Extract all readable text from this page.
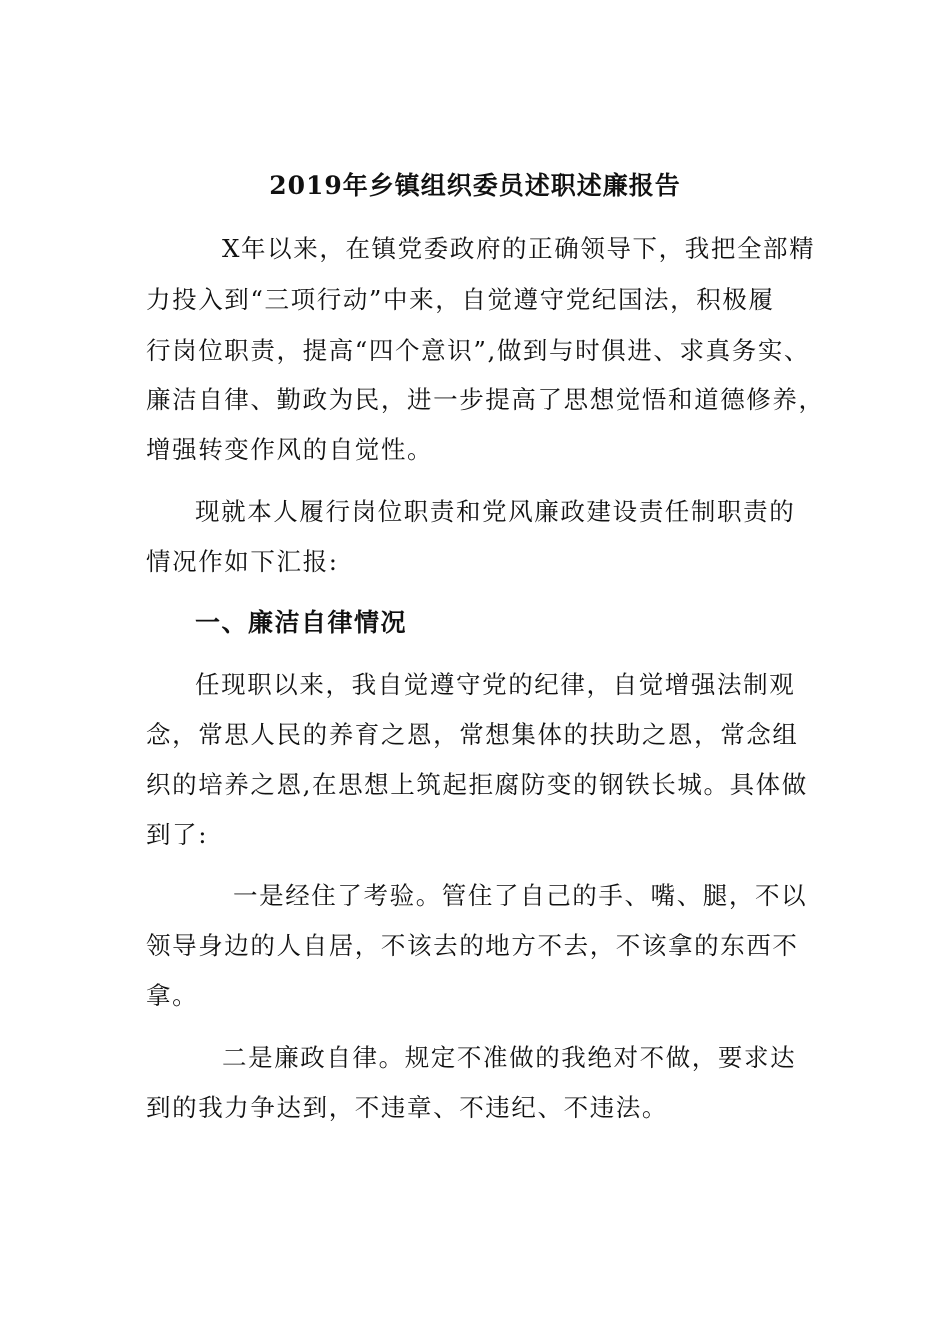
2019年乡镇组织委员述职述廉报告

X年以来，在镇党委政府的正确领导下，我把全部精

力投入到“三项行动”中来，自觉遵守党纪国法，积极履

行岗位职责，提高“四个意识”,做到与时俱进、求真务实、

廉洁自律、勤政为民，进一步提高了思想觉悟和道德修养，

增强转变作风的自觉性。

现就本人履行岗位职责和党风廉政建设责任制职责的

情况作如下汇报:

一、廉洁自律情况

任现职以来，我自觉遵守党的纪律，自觉增强法制观

念，常思人民的养育之恩，常想集体的扶助之恩，常念组

织的培养之恩,在思想上筑起拒腐防变的钢铁长城。具体做

到了:

一是经住了考验。管住了自己的手、嘴、腿，不以

领导身边的人自居，不该去的地方不去，不该拿的东西不

拿。

二是廉政自律。规定不准做的我绝对不做，要求达

到的我力争达到，不违章、不违纪、不违法。
